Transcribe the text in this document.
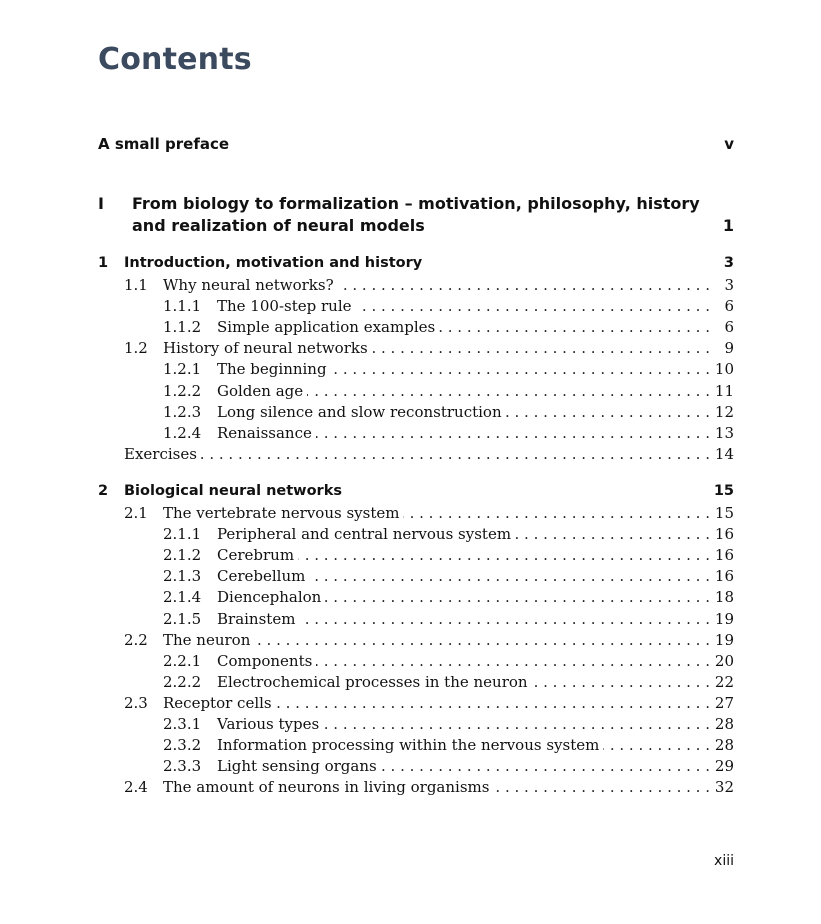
Contents
A small preface	v
I From biology to formalization – motivation, philosophy, history and realization of neural models	1
1	Introduction, motivation and history	3
1.1	Why neural networks? . . .	3
1.1.1	The 100-step rule . . .	6
1.1.2	Simple application examples . . .	6
1.2	History of neural networks . . .	9
1.2.1	The beginning . . .	10
1.2.2	Golden age . . .	11
1.2.3	Long silence and slow reconstruction . . .	12
1.2.4	Renaissance . . .	13
Exercises . . .	14
2	Biological neural networks	15
2.1	The vertebrate nervous system . . .	15
2.1.1	Peripheral and central nervous system . . .	16
2.1.2	Cerebrum . . .	16
2.1.3	Cerebellum . . .	16
2.1.4	Diencephalon . . .	18
2.1.5	Brainstem . . .	19
2.2	The neuron . . .	19
2.2.1	Components . . .	20
2.2.2	Electrochemical processes in the neuron . . .	22
2.3	Receptor cells . . .	27
2.3.1	Various types . . .	28
2.3.2	Information processing within the nervous system . . .	28
2.3.3	Light sensing organs . . .	29
2.4	The amount of neurons in living organisms . . .	32
xiii
